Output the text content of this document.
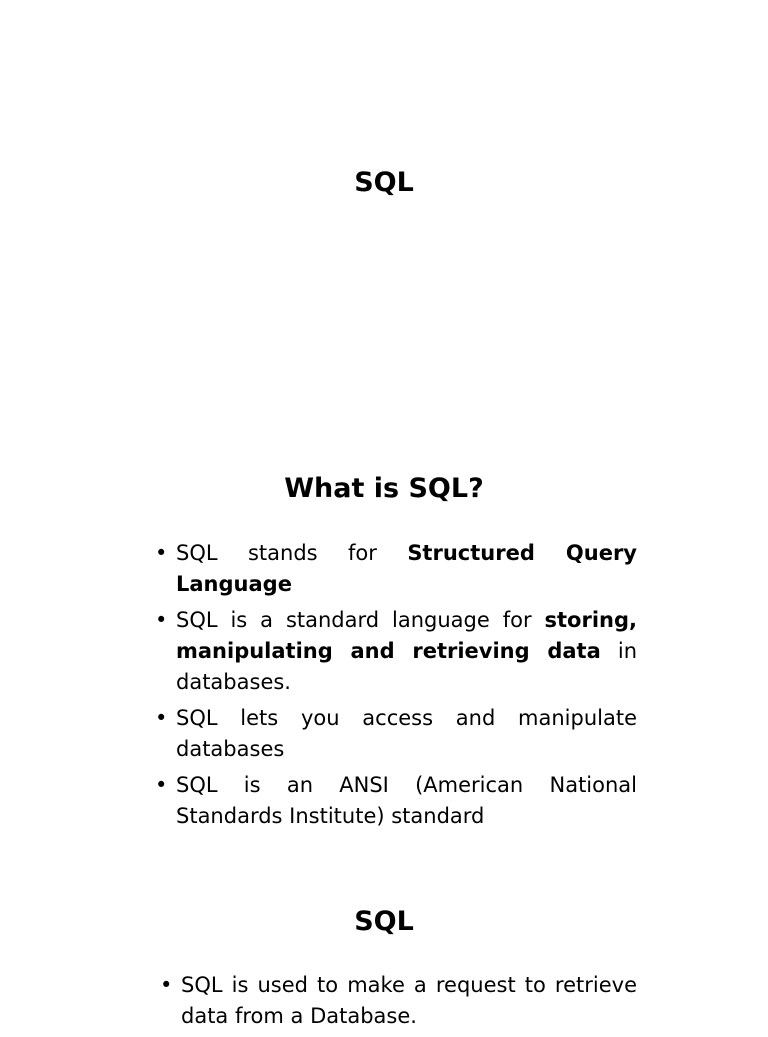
SQL
What is SQL?
• SQL stands for Structured Query Language
• SQL is a standard language for storing, manipulating and retrieving data in databases.
• SQL lets you access and manipulate databases
• SQL is an ANSI (American National Standards Institute) standard
SQL
• SQL is used to make a request to retrieve data from a Database.
